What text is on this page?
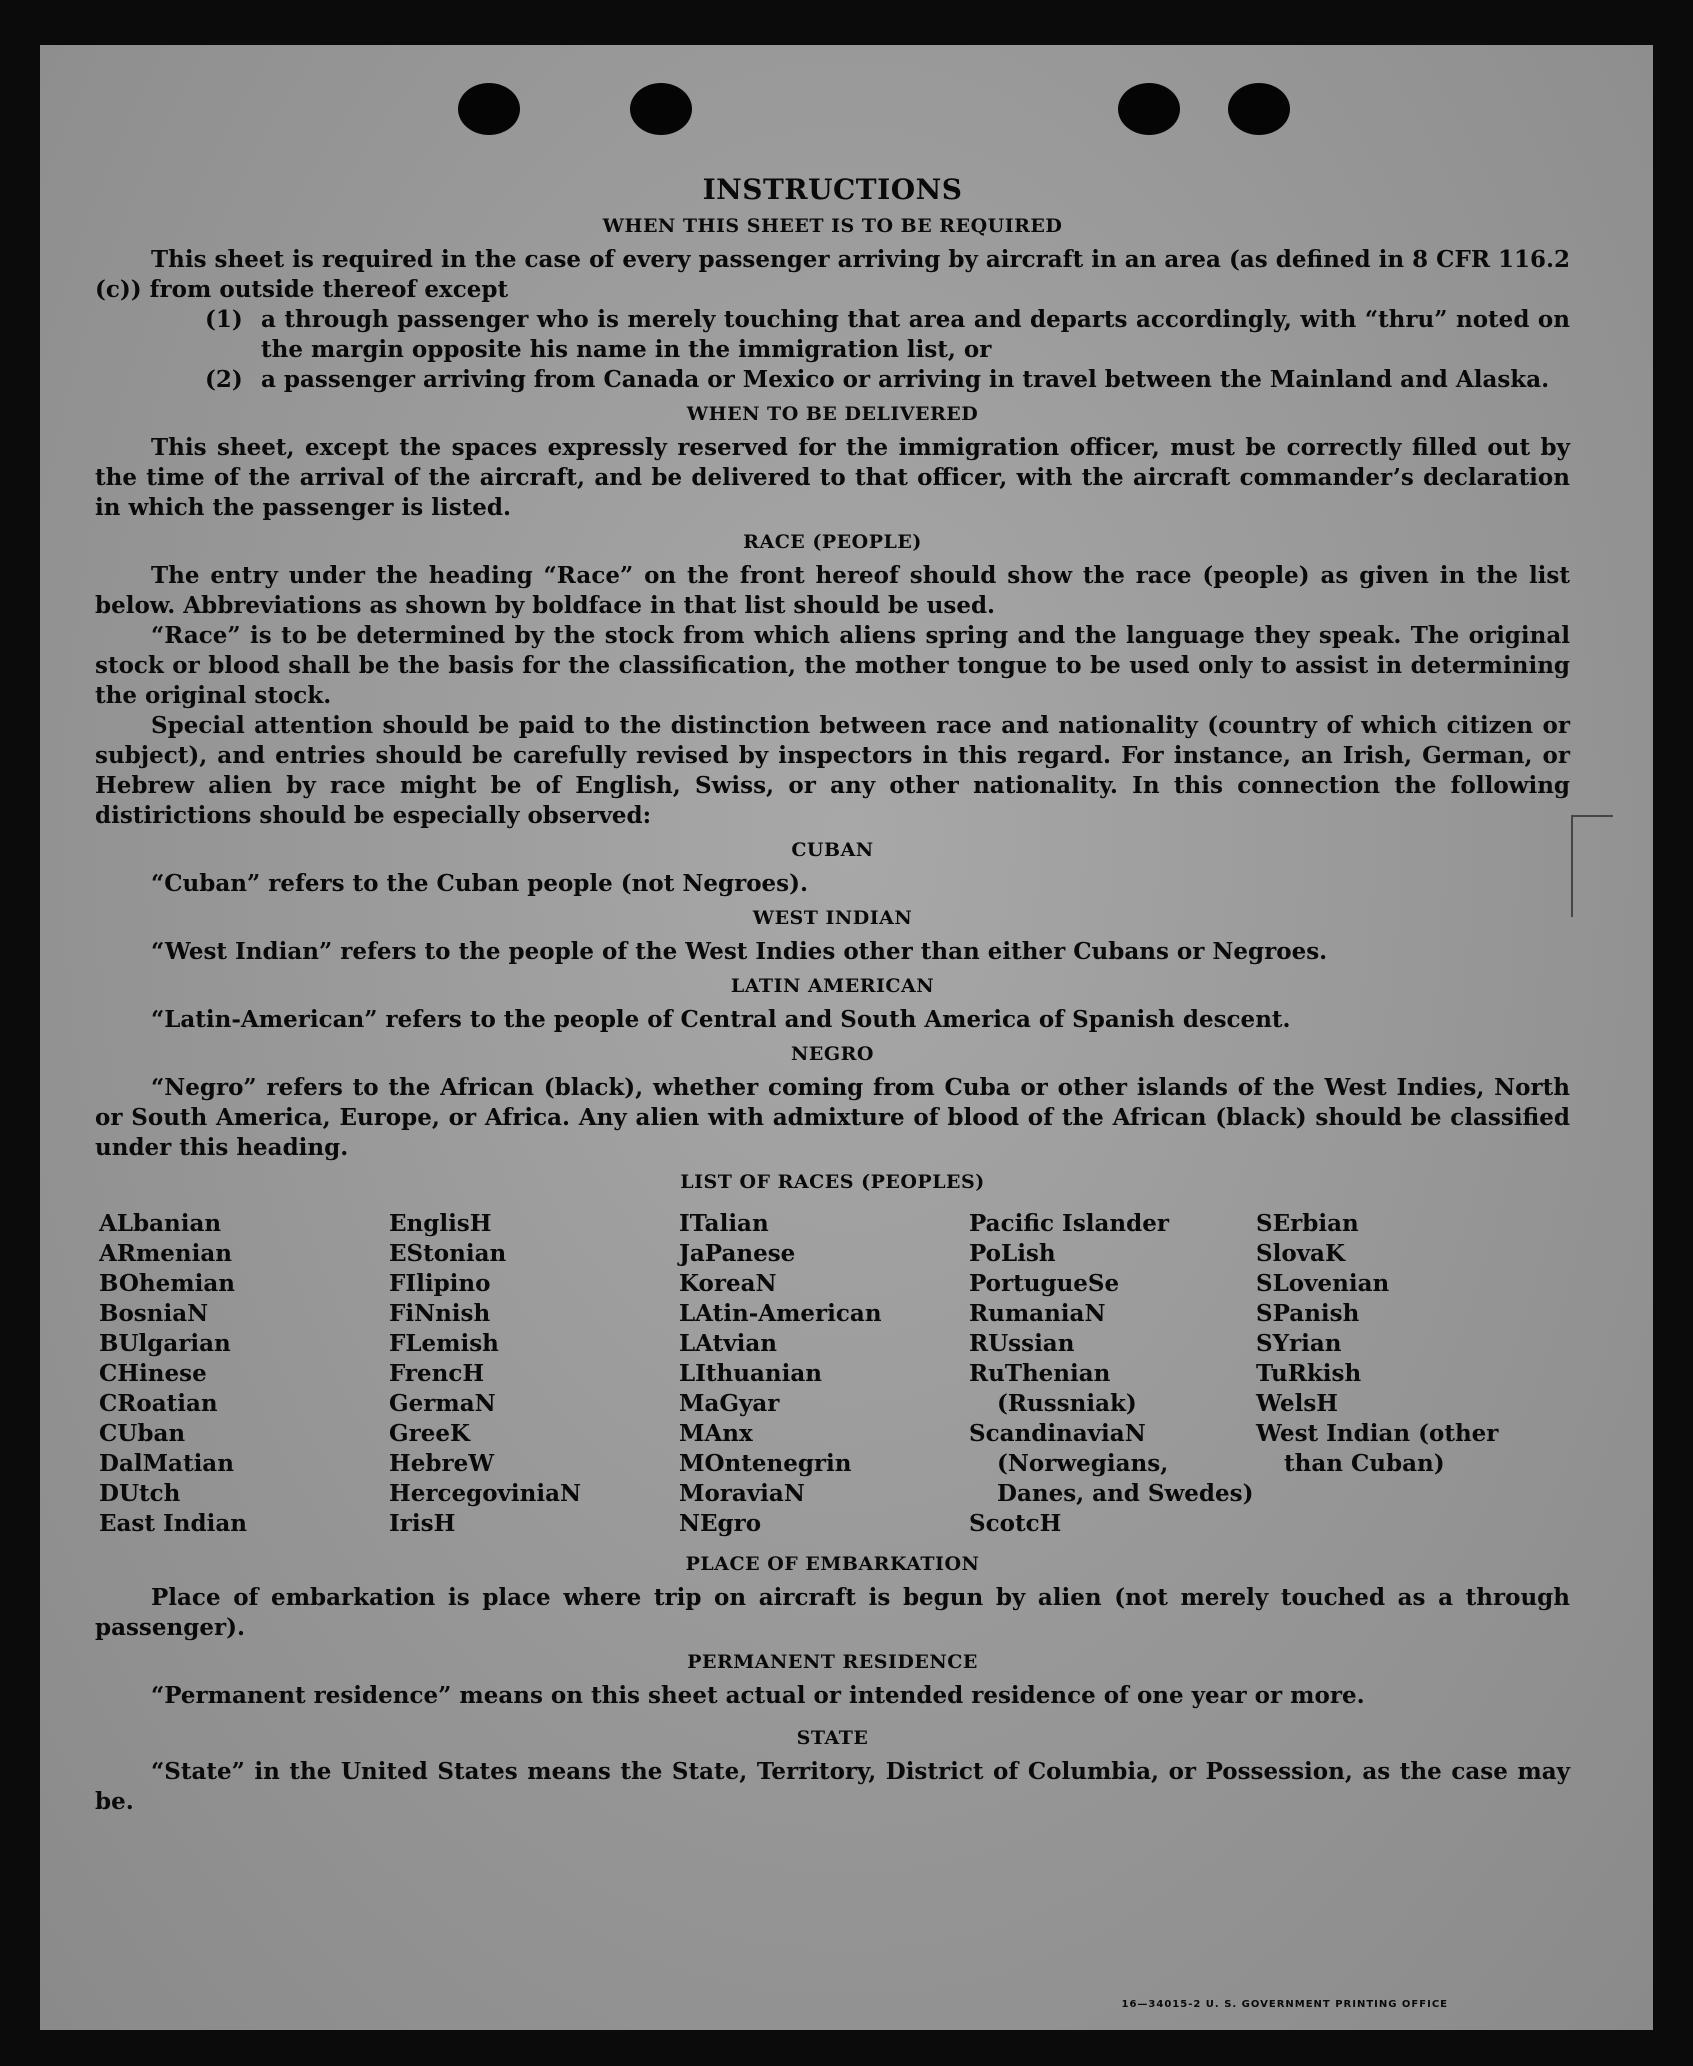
INSTRUCTIONS
WHEN THIS SHEET IS TO BE REQUIRED

This sheet is required in the case of every passenger arriving by aircraft in an area (as defined in 8 CFR 116.2 (c)) from outside thereof except

(1) a through passenger who is merely touching that area and departs accordingly, with “thru” noted on the margin opposite his name in the immigration list, or
(2) a passenger arriving from Canada or Mexico or arriving in travel between the Mainland and Alaska.
WHEN TO BE DELIVERED

This sheet, except the spaces expressly reserved for the immigration officer, must be correctly filled out by the time of the arrival of the aircraft, and be delivered to that officer, with the aircraft commander’s declaration in which the passenger is listed.

RACE (PEOPLE)

The entry under the heading “Race” on the front hereof should show the race (people) as given in the list below. Abbreviations as shown by boldface in that list should be used.

“Race” is to be determined by the stock from which aliens spring and the language they speak. The original stock or blood shall be the basis for the classification, the mother tongue to be used only to assist in determining the original stock.

Special attention should be paid to the distinction between race and nationality (country of which citizen or subject), and entries should be carefully revised by inspectors in this regard. For instance, an Irish, German, or Hebrew alien by race might be of English, Swiss, or any other nationality. In this connection the following distirictions should be especially observed:

CUBAN

“Cuban” refers to the Cuban people (not Negroes).

WEST INDIAN

“West Indian” refers to the people of the West Indies other than either Cubans or Negroes.

LATIN AMERICAN

“Latin-American” refers to the people of Central and South America of Spanish descent.

NEGRO

“Negro” refers to the African (black), whether coming from Cuba or other islands of the West Indies, North or South America, Europe, or Africa. Any alien with admixture of blood of the African (black) should be classified under this heading.

LIST OF RACES (PEOPLES)
ALbanian
ARmenian
BOhemian
BosniaN
BUlgarian
CHinese
CRoatian
CUban
DalMatian
DUtch
East Indian
EnglisH
EStonian
FIlipino
FiNnish
FLemish
FrencH
GermaN
GreeK
HebreW
HercegoviniaN
IrisH
ITalian
JaPanese
KoreaN
LAtin-American
LAtvian
LIthuanian
MaGyar
MAnx
MOntenegrin
MoraviaN
NEgro
Pacific Islander
PoLish
PortugueSe
RumaniaN
RUssian
RuThenian (Russniak)
ScandinaviaN (Norwegians, Danes, and Swedes)
ScotcH
SErbian
SlovaK
SLovenian
SPanish
SYrian
TuRkish
WelsH
West Indian (other than Cuban)
PLACE OF EMBARKATION

Place of embarkation is place where trip on aircraft is begun by alien (not merely touched as a through passenger).

PERMANENT RESIDENCE

“Permanent residence” means on this sheet actual or intended residence of one year or more.

STATE

“State” in the United States means the State, Territory, District of Columbia, or Possession, as the case may be.

16—34015-2 U. S. GOVERNMENT PRINTING OFFICE
